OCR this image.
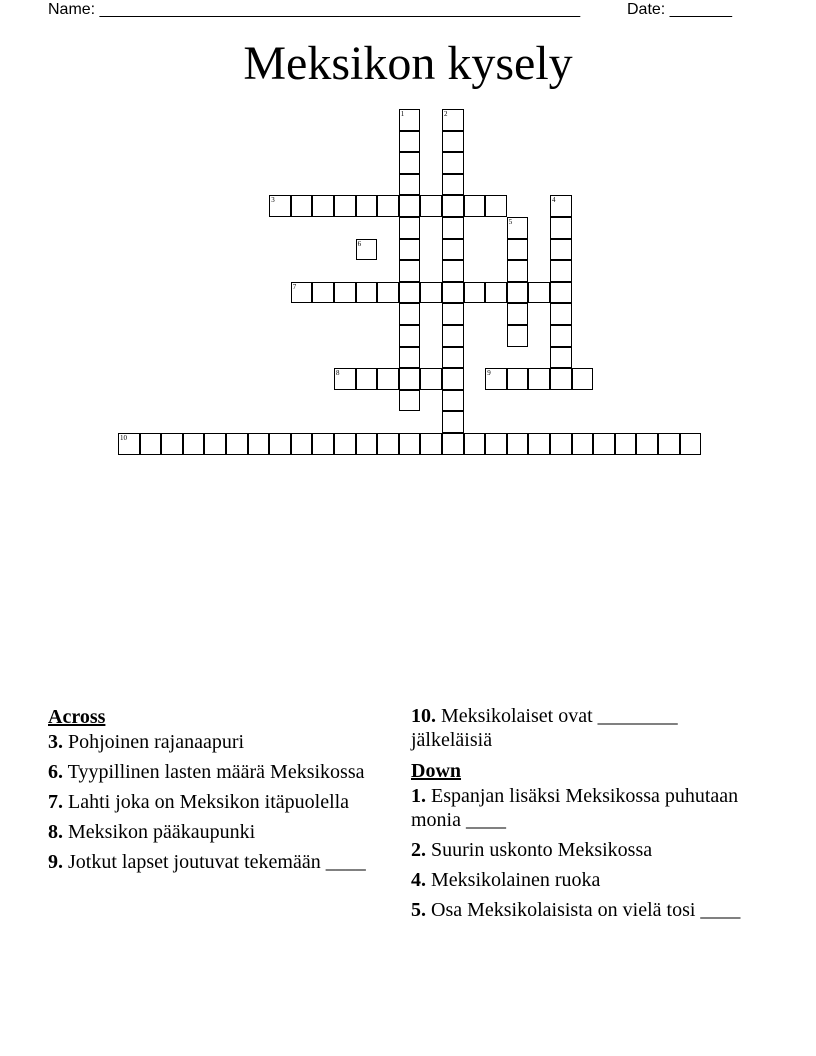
Name: ______________________________________________________	Date: _______
Meksikon kysely
1	2
3	4
5
6
7
8	9
10

Across

3. Pohjoinen rajanaapuri

6. Tyypillinen lasten määrä Meksikossa

7. Lahti joka on Meksikon itäpuolella

8. Meksikon pääkaupunki

9. Jotkut lapset joutuvat tekemään ____

10. Meksikolaiset ovat ________ jälkeläisiä

Down

1. Espanjan lisäksi Meksikossa puhutaan monia ____

2. Suurin uskonto Meksikossa

4. Meksikolainen ruoka

5. Osa Meksikolaisista on vielä tosi ____
